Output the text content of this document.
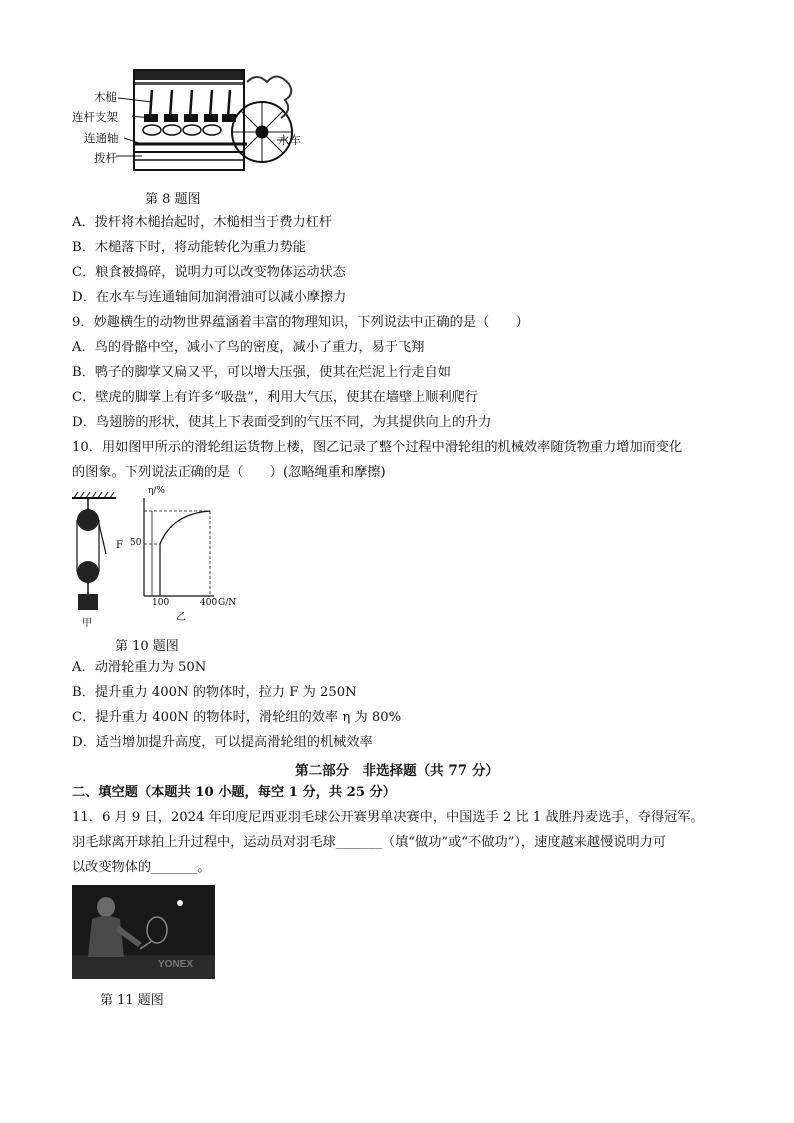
木槌
连杆支架
连通轴
拨杆
水车
第 8 题图
A．拨杆将木槌抬起时，木槌相当于费力杠杆
B．木槌落下时，将动能转化为重力势能
C．粮食被捣碎，说明力可以改变物体运动状态
D．在水车与连通轴间加润滑油可以减小摩擦力
9．妙趣横生的动物世界蕴涵着丰富的物理知识，下列说法中正确的是（　　）
A．鸟的骨骼中空，减小了鸟的密度，减小了重力，易于飞翔
B．鸭子的脚掌又扁又平，可以增大压强，使其在烂泥上行走自如
C．壁虎的脚掌上有许多“吸盘”，利用大气压，使其在墙壁上顺利爬行
D．鸟翅膀的形状，使其上下表面受到的气压不同，为其提供向上的升力
10．用如图甲所示的滑轮组运货物上楼，图乙记录了整个过程中滑轮组的机械效率随货物重力增加而变化
的图象。下列说法正确的是（　　）(忽略绳重和摩擦)
F
η/%
50
100	400 G/N
乙
甲
第 10 题图
A．动滑轮重力为 50N
B．提升重力 400N 的物体时，拉力 F 为 250N
C．提升重力 400N 的物体时，滑轮组的效率 η 为 80%
D．适当增加提升高度，可以提高滑轮组的机械效率
第二部分　非选择题（共 77 分）
二、填空题（本题共 10 小题，每空 1 分，共 25 分）
11．6 月 9 日，2024 年印度尼西亚羽毛球公开赛男单决赛中，中国选手 2 比 1 战胜丹麦选手，夺得冠军。
羽毛球离开球拍上升过程中，运动员对羽毛球_______（填“做功”或“不做功”），速度越来越慢说明力可
以改变物体的_______。
YONEX
第 11 题图
